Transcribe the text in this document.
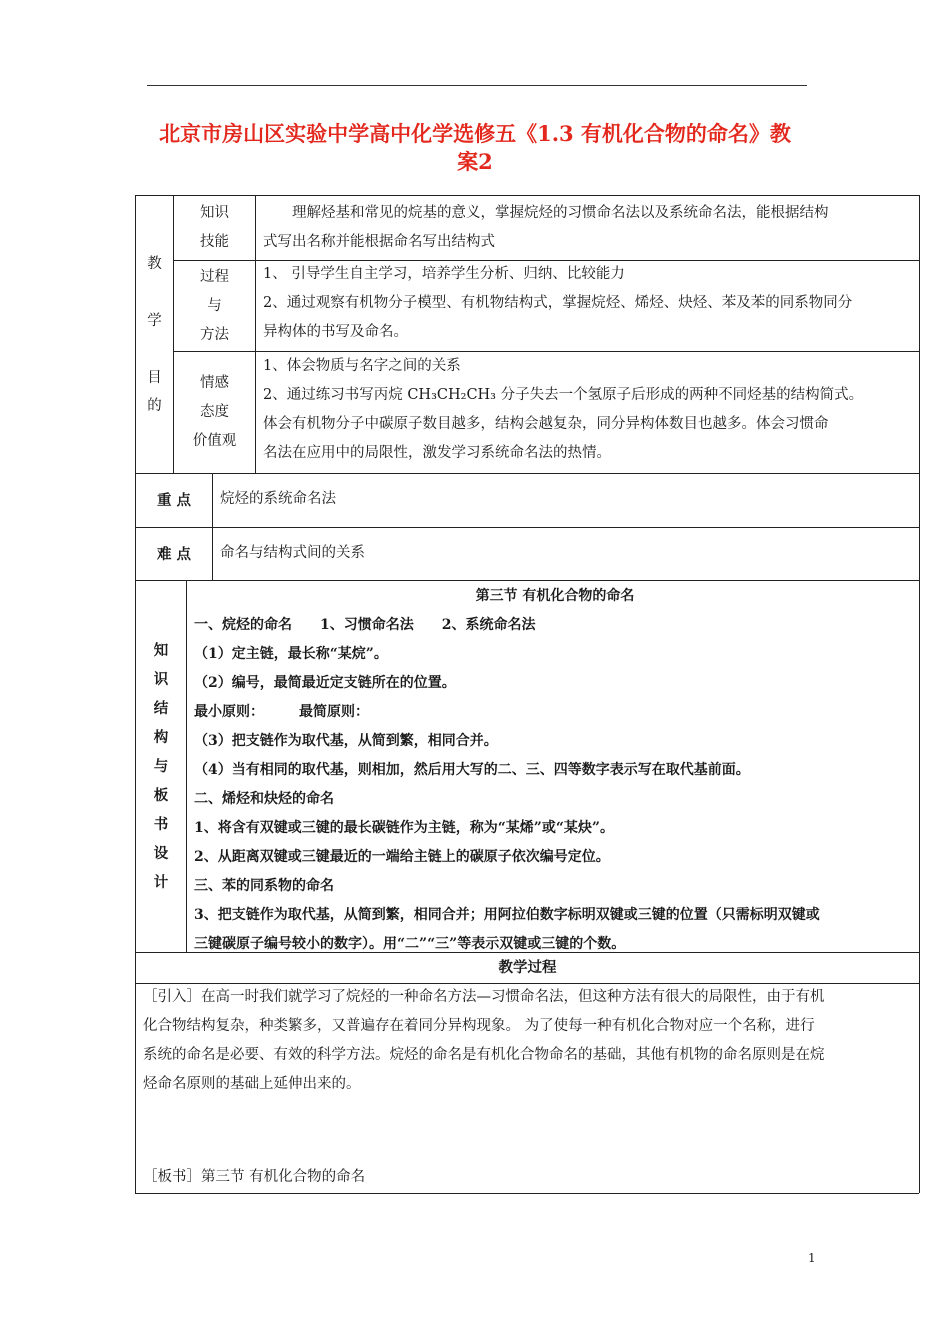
北京市房山区实验中学高中化学选修五《1.3 有机化合物的命名》教
案2
教
学
目
的
知识
技能

　　理解烃基和常见的烷基的意义，掌握烷烃的习惯命名法以及系统命名法，能根据结构

式写出名称并能根据命名写出结构式

过程
与
方法

1、 引导学生自主学习，培养学生分析、归纳、比较能力

2、通过观察有机物分子模型、有机物结构式，掌握烷烃、烯烃、炔烃、苯及苯的同系物同分

异构体的书写及命名。

情感
态度
价值观

1、体会物质与名字之间的关系

2、通过练习书写丙烷 CH₃CH₂CH₃ 分子失去一个氢原子后形成的两种不同烃基的结构简式。

体会有机物分子中碳原子数目越多，结构会越复杂，同分异构体数目也越多。体会习惯命

名法在应用中的局限性，激发学习系统命名法的热情。

重 点	烷烃的系统命名法
难 点	命名与结构式间的关系
知
识
结
构
与
板
书
设
计

第三节 有机化合物的命名

一、烷烃的命名　　1、习惯命名法　　2、系统命名法

（1）定主链，最长称“某烷”。

（2）编号，最简最近定支链所在的位置。

最小原则：　　　最简原则：

（3）把支链作为取代基，从简到繁，相同合并。

（4）当有相同的取代基，则相加，然后用大写的二、三、四等数字表示写在取代基前面。

二、烯烃和炔烃的命名

1、将含有双键或三键的最长碳链作为主链，称为“某烯”或“某炔”。

2、从距离双键或三键最近的一端给主链上的碳原子依次编号定位。

三、苯的同系物的命名

3、把支链作为取代基，从简到繁，相同合并；用阿拉伯数字标明双键或三键的位置（只需标明双键或

三键碳原子编号较小的数字）。用“二”“三”等表示双键或三键的个数。

教学过程

［引入］在高一时我们就学习了烷烃的一种命名方法—习惯命名法，但这种方法有很大的局限性，由于有机

化合物结构复杂，种类繁多，又普遍存在着同分异构现象。 为了使每一种有机化合物对应一个名称，进行

系统的命名是必要、有效的科学方法。烷烃的命名是有机化合物命名的基础，其他有机物的命名原则是在烷

烃命名原则的基础上延伸出来的。

［板书］第三节 有机化合物的命名
1
